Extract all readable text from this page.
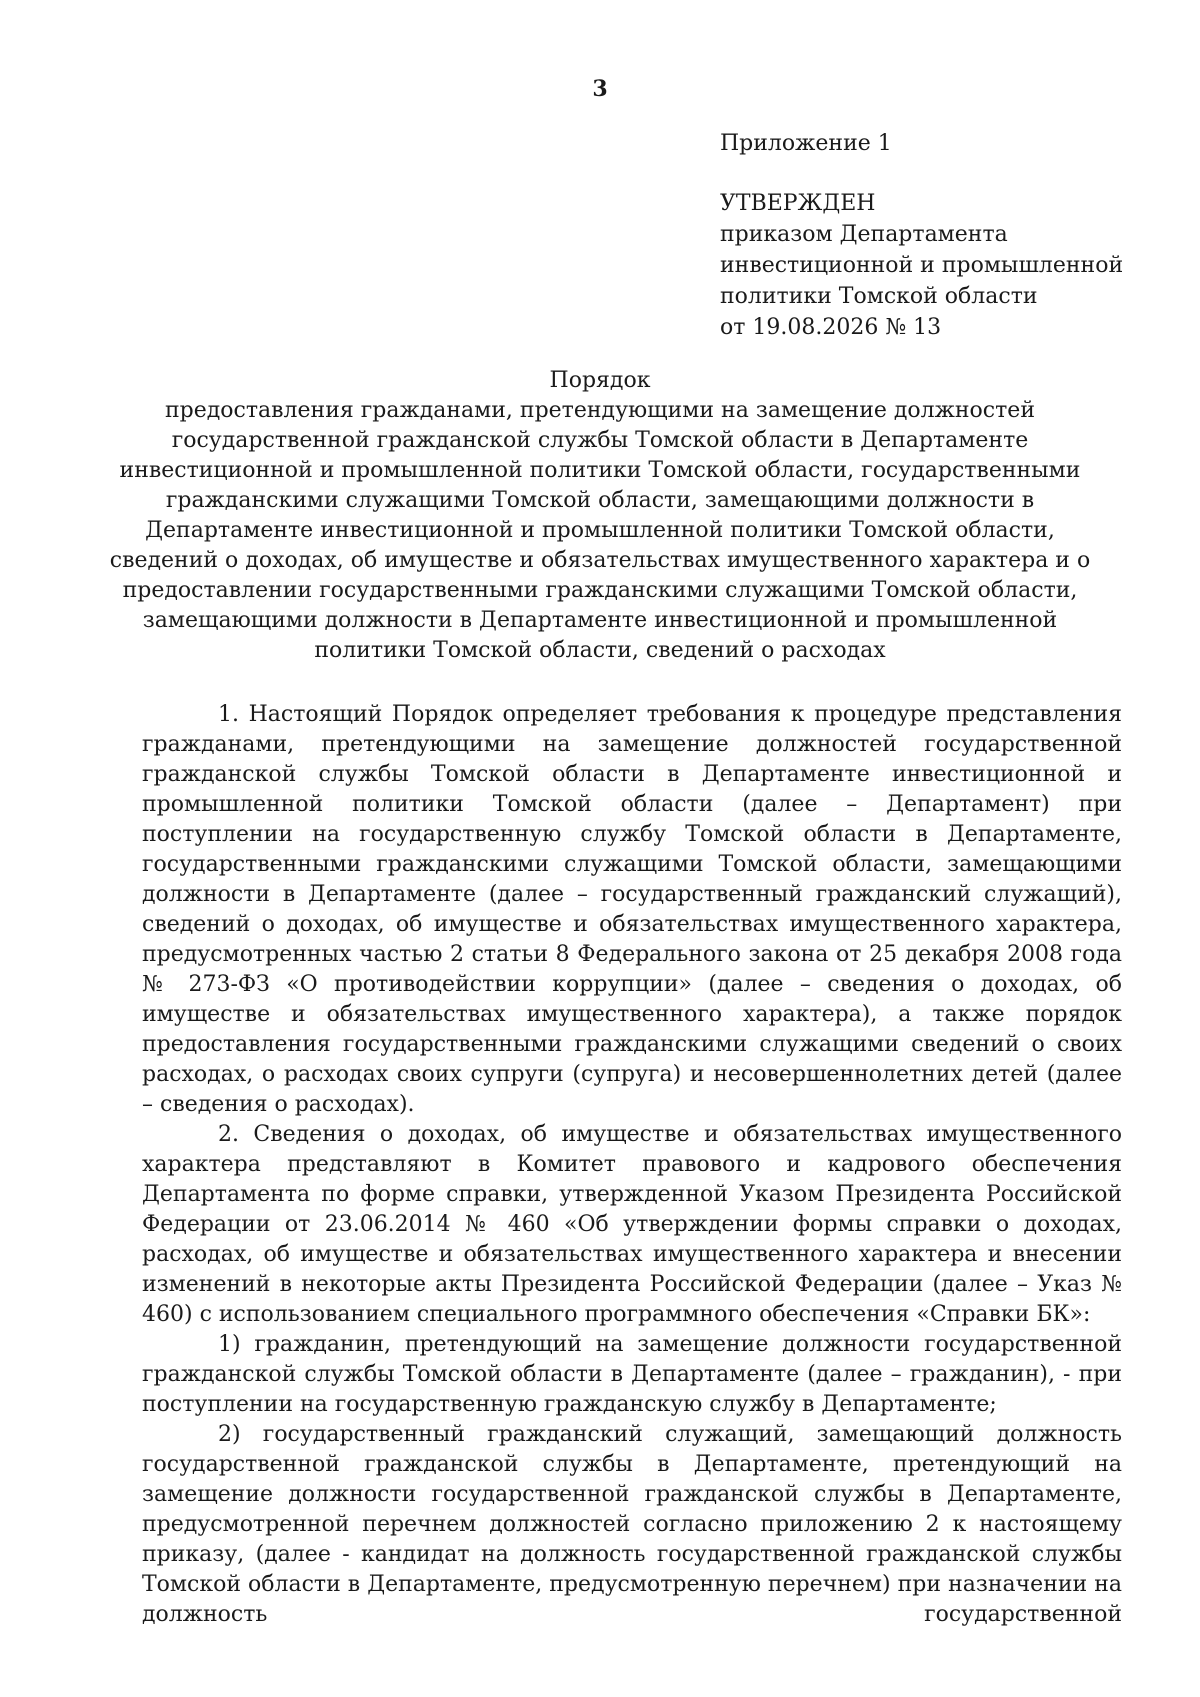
3
Приложение 1
УТВЕРЖДЕН
приказом Департамента
инвестиционной и промышленной
политики Томской области
от 19.08.2026 № 13
Порядок
предоставления гражданами, претендующими на замещение должностей
государственной гражданской службы Томской области в Департаменте
инвестиционной и промышленной политики Томской области, государственными
гражданскими служащими Томской области, замещающими должности в
Департаменте инвестиционной и промышленной политики Томской области,
сведений о доходах, об имуществе и обязательствах имущественного характера и о
предоставлении государственными гражданскими служащими Томской области,
замещающими должности в Департаменте инвестиционной и промышленной
политики Томской области, сведений о расходах

1. Настоящий Порядок определяет требования к процедуре представления гражданами, претендующими на замещение должностей государственной гражданской службы Томской области в Департаменте инвестиционной и промышленной политики Томской области (далее – Департамент) при поступлении на государственную службу Томской области в Департаменте, государственными гражданскими служащими Томской области, замещающими должности в Департаменте (далее – государственный гражданский служащий), сведений о доходах, об имуществе и обязательствах имущественного характера, предусмотренных частью 2 статьи 8 Федерального закона от 25 декабря 2008 года № 273-ФЗ «О противодействии коррупции» (далее – сведения о доходах, об имуществе и обязательствах имущественного характера), а также порядок предоставления государственными гражданскими служащими сведений о своих расходах, о расходах своих супруги (супруга) и несовершеннолетних детей (далее – сведения о расходах).

2. Сведения о доходах, об имуществе и обязательствах имущественного характера представляют в Комитет правового и кадрового обеспечения Департамента по форме справки, утвержденной Указом Президента Российской Федерации от 23.06.2014 № 460 «Об утверждении формы справки о доходах, расходах, об имуществе и обязательствах имущественного характера и внесении изменений в некоторые акты Президента Российской Федерации (далее – Указ № 460) с использованием специального программного обеспечения «Справки БК»:

1) гражданин, претендующий на замещение должности государственной гражданской службы Томской области в Департаменте (далее – гражданин), - при поступлении на государственную гражданскую службу в Департаменте;

2) государственный гражданский служащий, замещающий должность государственной гражданской службы в Департаменте, претендующий на замещение должности государственной гражданской службы в Департаменте, предусмотренной перечнем должностей согласно приложению 2 к настоящему приказу, (далее - кандидат на должность государственной гражданской службы Томской области в Департаменте, предусмотренную перечнем) при назначении на должность государственной
